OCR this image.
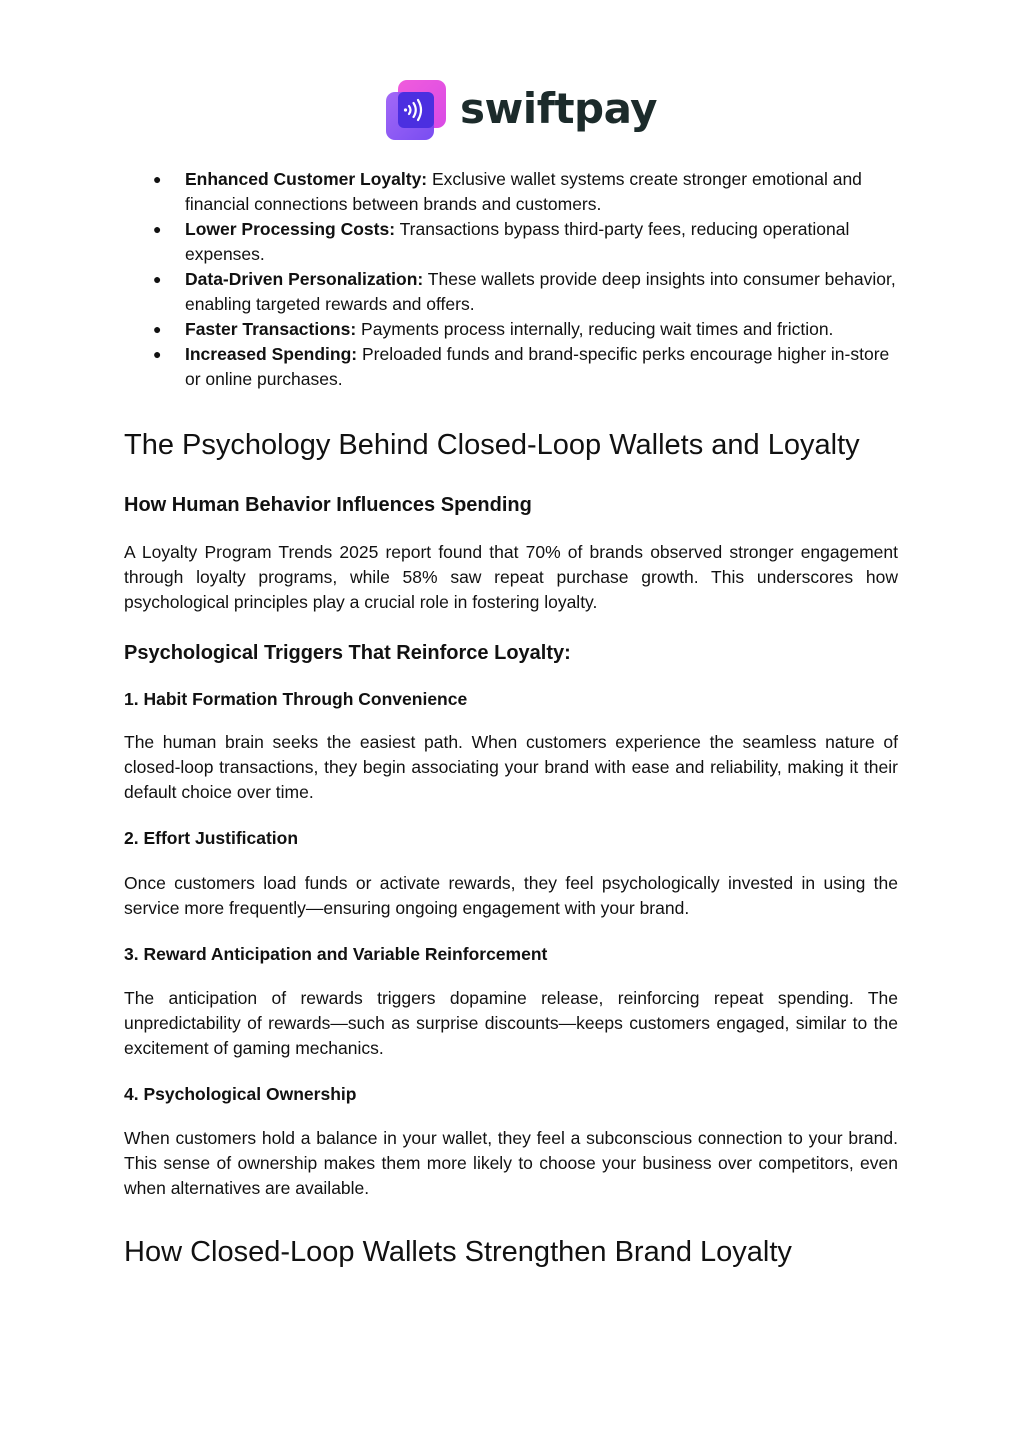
swiftpay
● Enhanced Customer Loyalty: Exclusive wallet systems create stronger emotional and financial connections between brands and customers.
● Lower Processing Costs: Transactions bypass third-party fees, reducing operational expenses.
● Data-Driven Personalization: These wallets provide deep insights into consumer behavior, enabling targeted rewards and offers.
● Faster Transactions: Payments process internally, reducing wait times and friction.
● Increased Spending: Preloaded funds and brand-specific perks encourage higher in-store or online purchases.
The Psychology Behind Closed-Loop Wallets and Loyalty
How Human Behavior Influences Spending

A Loyalty Program Trends 2025 report found that 70% of brands observed stronger engagement through loyalty programs, while 58% saw repeat purchase growth. This underscores how psychological principles play a crucial role in fostering loyalty.

Psychological Triggers That Reinforce Loyalty:
1. Habit Formation Through Convenience

The human brain seeks the easiest path. When customers experience the seamless nature of closed-loop transactions, they begin associating your brand with ease and reliability, making it their default choice over time.

2. Effort Justification

Once customers load funds or activate rewards, they feel psychologically invested in using the service more frequently—ensuring ongoing engagement with your brand.

3. Reward Anticipation and Variable Reinforcement

The anticipation of rewards triggers dopamine release, reinforcing repeat spending. The unpredictability of rewards—such as surprise discounts—keeps customers engaged, similar to the excitement of gaming mechanics.

4. Psychological Ownership

When customers hold a balance in your wallet, they feel a subconscious connection to your brand. This sense of ownership makes them more likely to choose your business over competitors, even when alternatives are available.

How Closed-Loop Wallets Strengthen Brand Loyalty
